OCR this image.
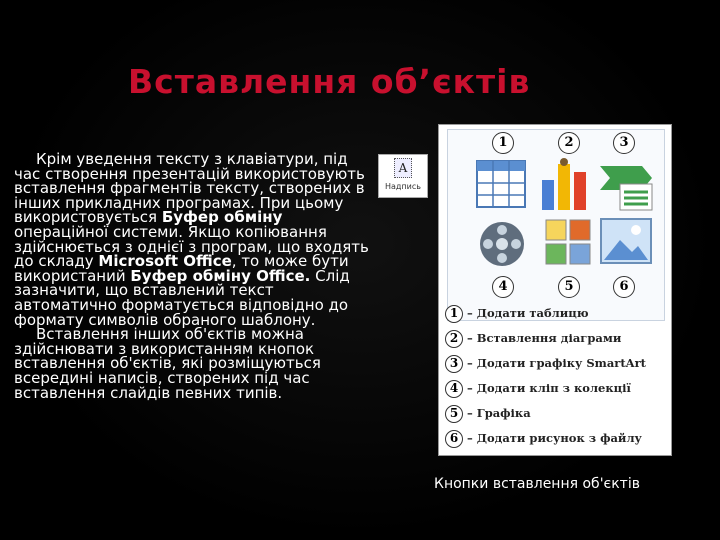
Вставлення об’єктів

Крім уведення тексту з клавіатури, під час створення презентацій використовують вставлення фрагментів тексту, створених в інших прикладних програмах. При цьому використовується Буфер обміну операційної системи. Якщо копіювання здійснюється з однієї з програм, що входять до складу Microsoft Office, то може бути використаний Буфер обміну Office. Слід зазначити, що вставлений текст автоматично форматується відповідно до формату символів обраного шаблону.

Вставлення інших об'єктів можна здійснювати з використанням кнопок вставлення об'єктів, які розміщуються всередині написів, створених під час вставлення слайдів певних типів.

A
Надпись
1	2	3
4	5	6
1 – Додати таблицю
2 – Вставлення діаграми
3 – Додати графіку SmartArt
4 – Додати кліп з колекції
5 – Графіка
6 – Додати рисунок з файлу
Кнопки вставлення об'єктів
